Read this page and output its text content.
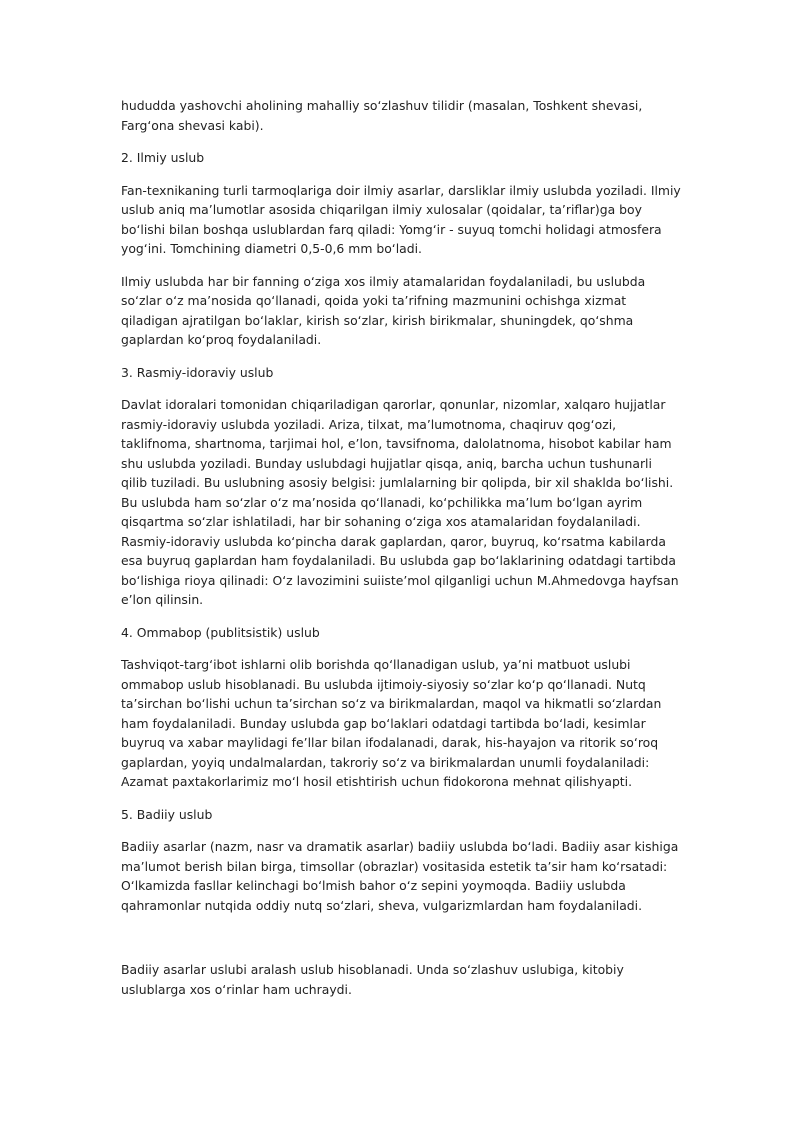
hududda yashovchi aholining mahalliy so‘zlashuv tilidir (masalan, Toshkent shevasi, Farg‘ona shevasi kabi).

2. Ilmiy uslub

Fan-texnikaning turli tarmoqlariga doir ilmiy asarlar, darsliklar ilmiy uslubda yoziladi. Ilmiy uslub aniq ma’lumotlar asosida chiqarilgan ilmiy xulosalar (qoidalar, ta’riflar)ga boy bo‘lishi bilan boshqa uslublardan farq qiladi: Yomg‘ir - suyuq tomchi holidagi atmosfera yog‘ini. Tomchining diametri 0,5-0,6 mm bo‘ladi.

Ilmiy uslubda har bir fanning o‘ziga xos ilmiy atamalaridan foydalaniladi, bu uslubda so‘zlar o‘z ma’nosida qo‘llanadi, qoida yoki ta’rifning mazmunini ochishga xizmat qiladigan ajratilgan bo‘laklar, kirish so‘zlar, kirish birikmalar, shuningdek, qo‘shma gaplardan ko‘proq foydalaniladi.

3. Rasmiy-idoraviy uslub

Davlat idoralari tomonidan chiqariladigan qarorlar, qonunlar, nizomlar, xalqaro hujjatlar rasmiy-idoraviy uslubda yoziladi. Ariza, tilxat, ma’lumotnoma, chaqiruv qog‘ozi, taklifnoma, shartnoma, tarjimai hol, e’lon, tavsifnoma, dalolatnoma, hisobot kabilar ham shu uslubda yoziladi. Bunday uslubdagi hujjatlar qisqa, aniq, barcha uchun tushunarli qilib tuziladi. Bu uslubning asosiy belgisi: jumlalarning bir qolipda, bir xil shaklda bo‘lishi. Bu uslubda ham so‘zlar o‘z ma’nosida qo‘llanadi, ko‘pchilikka ma’lum bo‘lgan ayrim qisqartma so‘zlar ishlatiladi, har bir sohaning o‘ziga xos atamalaridan foydalaniladi. Rasmiy-idoraviy uslubda ko‘pincha darak gaplardan, qaror, buyruq, ko‘rsatma kabilarda esa buyruq gaplardan ham foydalaniladi. Bu uslubda gap bo‘laklarining odatdagi tartibda bo‘lishiga rioya qilinadi: O‘z lavozimini suiiste’mol qilganligi uchun M.Ahmedovga hayfsan e’lon qilinsin.

4. Ommabop (publitsistik) uslub

Tashviqot-targ‘ibot ishlarni olib borishda qo‘llanadigan uslub, ya’ni matbuot uslubi ommabop uslub hisoblanadi. Bu uslubda ijtimoiy-siyosiy so‘zlar ko‘p qo‘llanadi. Nutq ta’sirchan bo‘lishi uchun ta’sirchan so‘z va birikmalardan, maqol va hikmatli so‘zlardan ham foydalaniladi. Bunday uslubda gap bo‘laklari odatdagi tartibda bo‘ladi, kesimlar buyruq va xabar maylidagi fe’llar bilan ifodalanadi, darak, his-hayajon va ritorik so‘roq gaplardan, yoyiq undalmalardan, takroriy so‘z va birikmalardan unumli foydalaniladi: Azamat paxtakorlarimiz mo‘l hosil etishtirish uchun fidokorona mehnat qilishyapti.

5. Badiiy uslub

Badiiy asarlar (nazm, nasr va dramatik asarlar) badiiy uslubda bo‘ladi. Badiiy asar kishiga ma’lumot berish bilan birga, timsollar (obrazlar) vositasida estetik ta’sir ham ko‘rsatadi: O‘lkamizda fasllar kelinchagi bo‘lmish bahor o‘z sepini yoymoqda. Badiiy uslubda qahramonlar nutqida oddiy nutq so‘zlari, sheva, vulgarizmlardan ham foydalaniladi.

Badiiy asarlar uslubi aralash uslub hisoblanadi. Unda so‘zlashuv uslubiga, kitobiy uslublarga xos o‘rinlar ham uchraydi.
